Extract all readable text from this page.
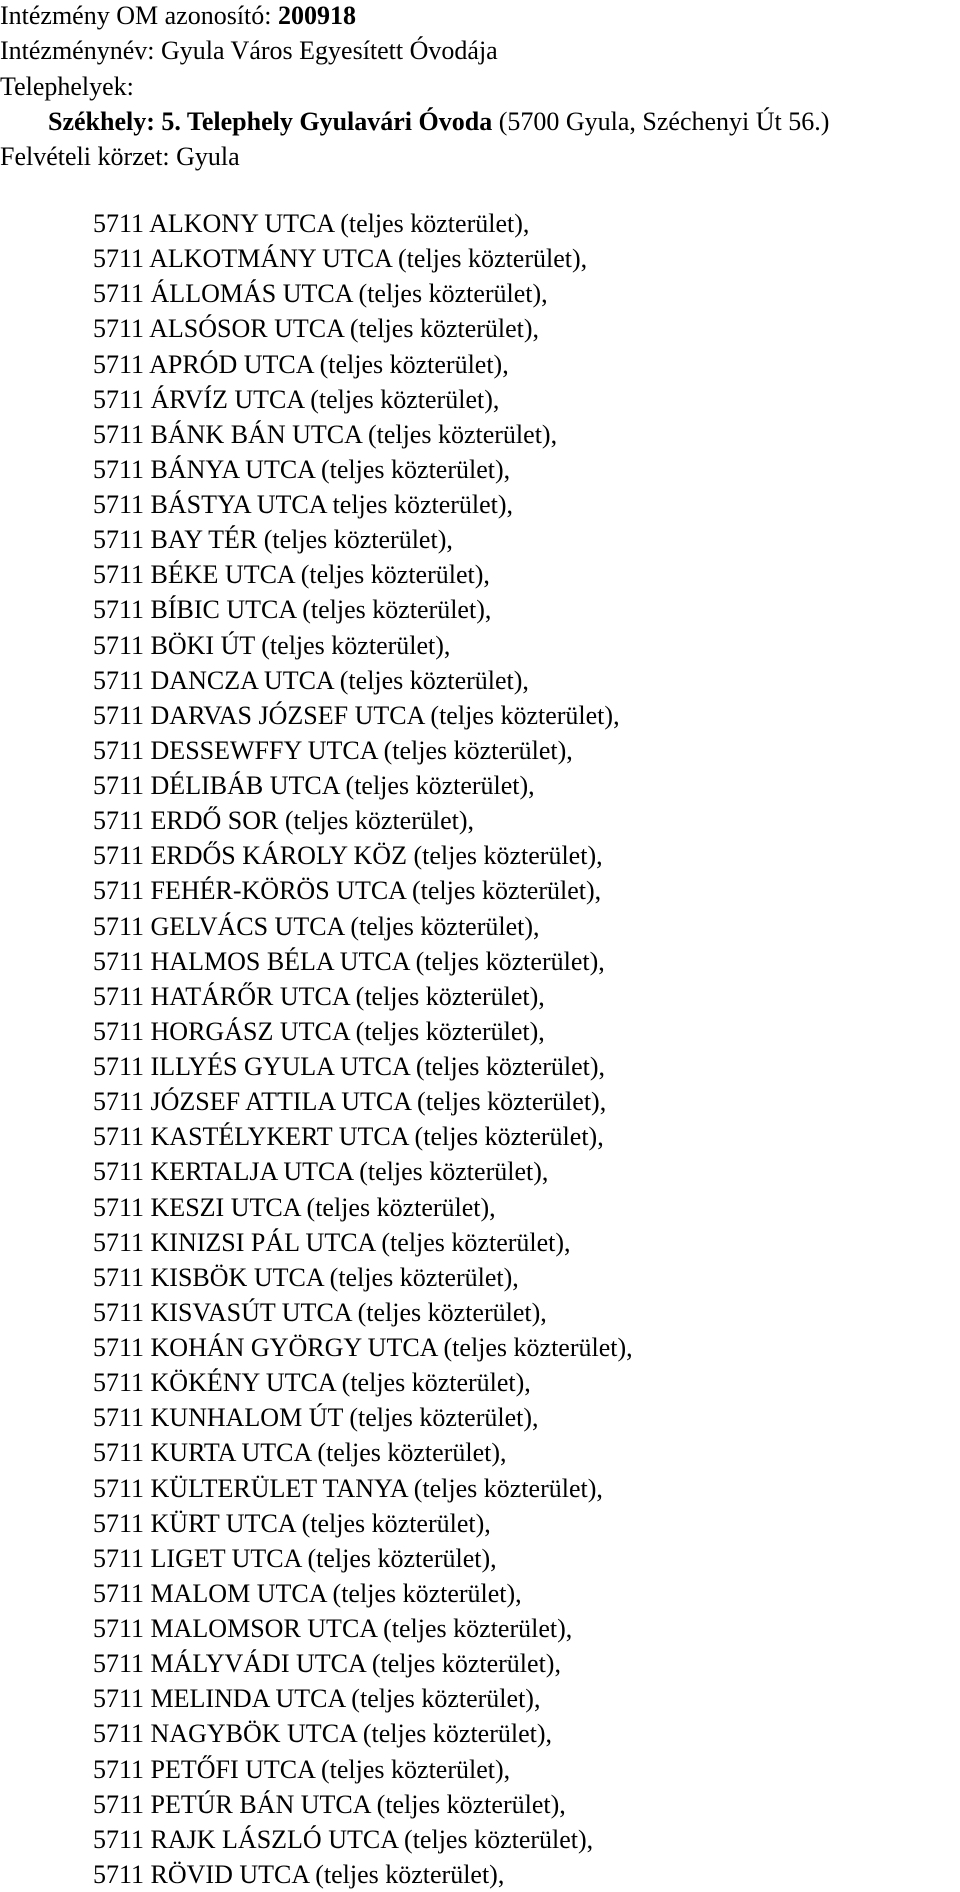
Intézmény OM azonosító: 200918
Intézménynév: Gyula Város Egyesített Óvodája
Telephelyek:
Székhely: 5. Telephely Gyulavári Óvoda (5700 Gyula, Széchenyi Út 56.)
Felvételi körzet: Gyula
5711 ALKONY UTCA (teljes közterület),
5711 ALKOTMÁNY UTCA (teljes közterület),
5711 ÁLLOMÁS UTCA (teljes közterület),
5711 ALSÓSOR UTCA (teljes közterület),
5711 APRÓD UTCA (teljes közterület),
5711 ÁRVÍZ UTCA (teljes közterület),
5711 BÁNK BÁN UTCA (teljes közterület),
5711 BÁNYA UTCA (teljes közterület),
5711 BÁSTYA UTCA teljes közterület),
5711 BAY TÉR (teljes közterület),
5711 BÉKE UTCA (teljes közterület),
5711 BÍBIC UTCA (teljes közterület),
5711 BÖKI ÚT (teljes közterület),
5711 DANCZA UTCA (teljes közterület),
5711 DARVAS JÓZSEF UTCA (teljes közterület),
5711 DESSEWFFY UTCA (teljes közterület),
5711 DÉLIBÁB UTCA (teljes közterület),
5711 ERDŐ SOR (teljes közterület),
5711 ERDŐS KÁROLY KÖZ (teljes közterület),
5711 FEHÉR-KÖRÖS UTCA (teljes közterület),
5711 GELVÁCS UTCA (teljes közterület),
5711 HALMOS BÉLA UTCA (teljes közterület),
5711 HATÁRŐR UTCA (teljes közterület),
5711 HORGÁSZ UTCA (teljes közterület),
5711 ILLYÉS GYULA UTCA (teljes közterület),
5711 JÓZSEF ATTILA UTCA (teljes közterület),
5711 KASTÉLYKERT UTCA (teljes közterület),
5711 KERTALJA UTCA (teljes közterület),
5711 KESZI UTCA (teljes közterület),
5711 KINIZSI PÁL UTCA (teljes közterület),
5711 KISBÖK UTCA (teljes közterület),
5711 KISVASÚT UTCA (teljes közterület),
5711 KOHÁN GYÖRGY UTCA (teljes közterület),
5711 KÖKÉNY UTCA (teljes közterület),
5711 KUNHALOM ÚT (teljes közterület),
5711 KURTA UTCA (teljes közterület),
5711 KÜLTERÜLET TANYA (teljes közterület),
5711 KÜRT UTCA (teljes közterület),
5711 LIGET UTCA (teljes közterület),
5711 MALOM UTCA (teljes közterület),
5711 MALOMSOR UTCA (teljes közterület),
5711 MÁLYVÁDI UTCA (teljes közterület),
5711 MELINDA UTCA (teljes közterület),
5711 NAGYBÖK UTCA (teljes közterület),
5711 PETŐFI UTCA (teljes közterület),
5711 PETÚR BÁN UTCA (teljes közterület),
5711 RAJK LÁSZLÓ UTCA (teljes közterület),
5711 RÖVID UTCA (teljes közterület),
